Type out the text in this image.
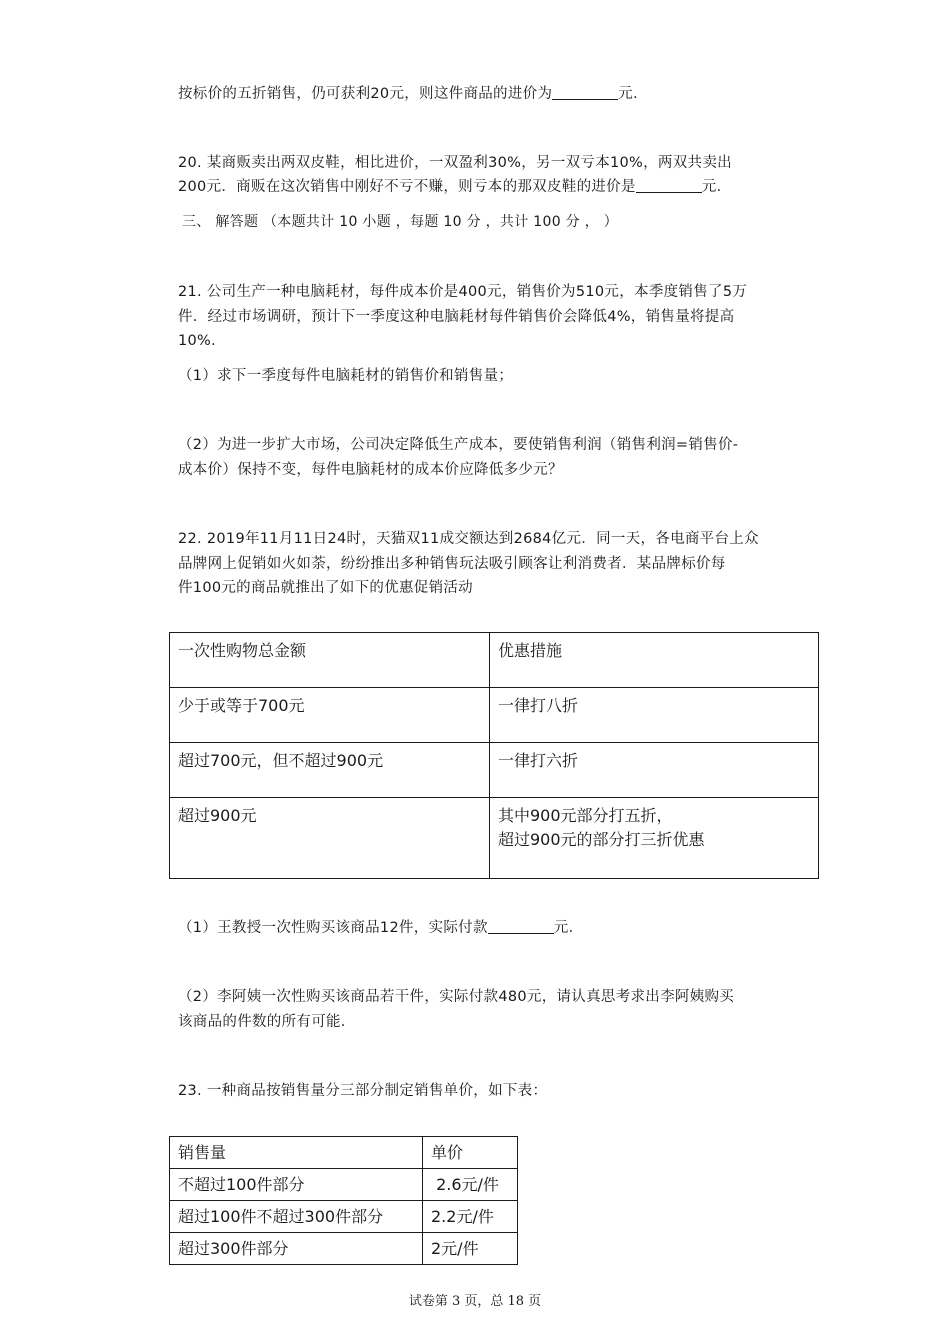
按标价的五折销售，仍可获利20元，则这件商品的进价为	元．
20. 某商贩卖出两双皮鞋，相比进价，一双盈利30%，另一双亏本10%，两双共卖出
200元．商贩在这次销售中刚好不亏不赚，则亏本的那双皮鞋的进价是	元．
三、 解答题 （本题共计 10 小题 ，每题 10 分 ，共计 100 分 ， ）
21. 公司生产一种电脑耗材，每件成本价是400元，销售价为510元，本季度销售了5万
件．经过市场调研，预计下一季度这种电脑耗材每件销售价会降低4%，销售量将提高
10%．
（1）求下一季度每件电脑耗材的销售价和销售量；
（2）为进一步扩大市场，公司决定降低生产成本，要使销售利润（销售利润=销售价-
成本价）保持不变，每件电脑耗材的成本价应降低多少元？
22. 2019年11月11日24时，天猫双11成交额达到2684亿元．同一天，各电商平台上众
品牌网上促销如火如荼，纷纷推出多种销售玩法吸引顾客让利消费者．某品牌标价每
件100元的商品就推出了如下的优惠促销活动
一次性购物总金额	优惠措施
少于或等于700元	一律打八折
超过700元，但不超过900元	一律打六折
超过900元	其中900元部分打五折，
超过900元的部分打三折优惠
（1）王教授一次性购买该商品12件，实际付款	元．
（2）李阿姨一次性购买该商品若干件，实际付款480元，请认真思考求出李阿姨购买
该商品的件数的所有可能．
23. 一种商品按销售量分三部分制定销售单价，如下表：
销售量	单价
不超过100件部分	2.6元/件
超过100件不超过300件部分	2.2元/件
超过300件部分	2元/件
试卷第 3 页，总 18 页
